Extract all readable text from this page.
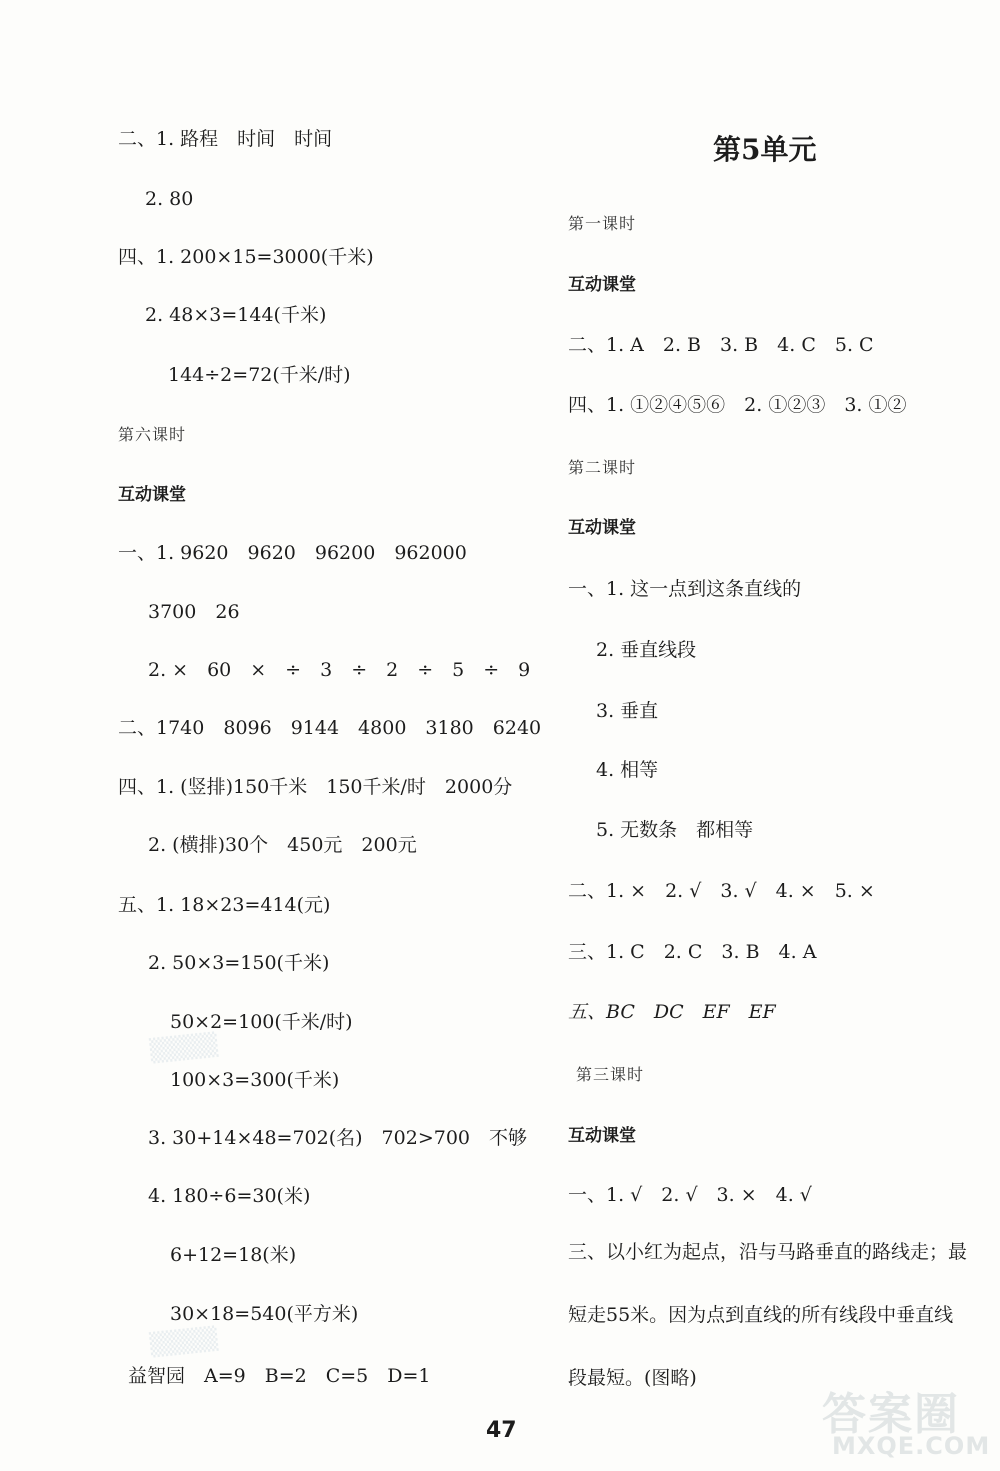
二、1. 路程　时间　时间
2. 80
四、1. 200×15=3000(千米)
2. 48×3=144(千米)
144÷2=72(千米/时)
第六课时
互动课堂
一、1. 9620　9620　96200　962000
3700　26
2. ×　60　×　÷　3　÷　2　÷　5　÷　9
二、1740　8096　9144　4800　3180　6240
四、1. (竖排)150千米　150千米/时　2000分
2. (横排)30个　450元　200元
五、1. 18×23=414(元)
2. 50×3=150(千米)
50×2=100(千米/时)
100×3=300(千米)
3. 30+14×48=702(名)　702>700　不够
4. 180÷6=30(米)
6+12=18(米)
30×18=540(平方米)
益智园　A=9　B=2　C=5　D=1
第5单元
第一课时
互动课堂
二、1. A　2. B　3. B　4. C　5. C
四、1. ①②④⑤⑥　2. ①②③　3. ①②
第二课时
互动课堂
一、1. 这一点到这条直线的
2. 垂直线段
3. 垂直
4. 相等
5. 无数条　都相等
二、1. ×　2. √　3. √　4. ×　5. ×
三、1. C　2. C　3. B　4. A
五、BC　DC　EF　EF
第三课时
互动课堂
一、1. √　2. √　3. ×　4. √
三、以小红为起点，沿与马路垂直的路线走；最
短走55米。因为点到直线的所有线段中垂直线
段最短。(图略)
▒▒▒▒
▒▒▒▒
47	答案圈
MXQE.COM
